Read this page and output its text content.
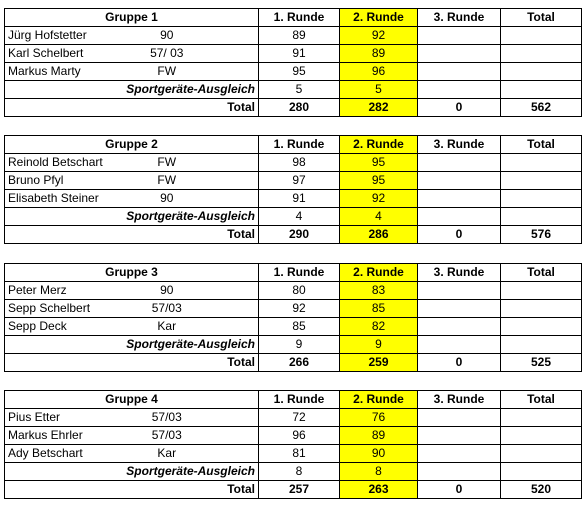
Gruppe 1		1. Runde	2. Runde	3. Runde	Total
Jürg Hofstetter	90	89	92		
Karl Schelbert	57/ 03	91	89		
Markus Marty	FW	95	96		
Sportgeräte-Ausgleich		5	5		
Total		280	282	0	562
Gruppe 2		1. Runde	2. Runde	3. Runde	Total
Reinold Betschart	FW	98	95		
Bruno Pfyl	FW	97	95		
Elisabeth Steiner	90	91	92		
Sportgeräte-Ausgleich		4	4		
Total		290	286	0	576
Gruppe 3		1. Runde	2. Runde	3. Runde	Total
Peter Merz	90	80	83		
Sepp Schelbert	57/03	92	85		
Sepp Deck	Kar	85	82		
Sportgeräte-Ausgleich		9	9		
Total		266	259	0	525
Gruppe 4		1. Runde	2. Runde	3. Runde	Total
Pius Etter	57/03	72	76		
Markus Ehrler	57/03	96	89		
Ady Betschart	Kar	81	90		
Sportgeräte-Ausgleich		8	8		
Total		257	263	0	520
